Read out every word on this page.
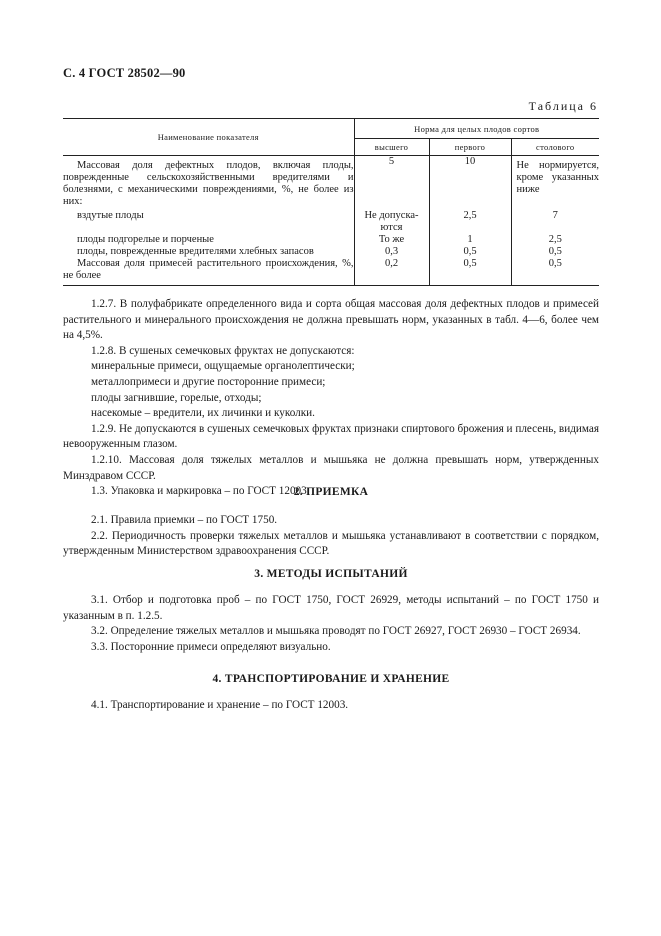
С. 4 ГОСТ 28502—90
Таблица 6
Наименование показателя	Норма для целых плодов сортов		
	высшего	первого	столового
Массовая доля дефектных плодов, включая плоды, поврежденные сельскохозяйственными вредителями и болезнями, с механическими повреждениями, %, не более из них:	5	10	Не нормируется, кроме указанных ниже
вздутые плоды	Не допуска-ются	2,5	7
плоды подгорелые и порченые	То же	1	2,5
плоды, поврежденные вредителями хлебных запасов	0,3	0,5	0,5
Массовая доля примесей растительного происхождения, %, не более	0,2	0,5	0,5

1.2.7. В полуфабрикате определенного вида и сорта общая массовая доля дефектных плодов и примесей растительного и минерального происхождения не должна превышать норм, указанных в табл. 4—6, более чем на 4,5%.

1.2.8. В сушеных семечковых фруктах не допускаются:

минеральные примеси, ощущаемые органолептически;

металлопримеси и другие посторонние примеси;

плоды загнившие, горелые, отходы;

насекомые – вредители, их личинки и куколки.

1.2.9. Не допускаются в сушеных семечковых фруктах признаки спиртового брожения и плесень, видимая невооруженным глазом.

1.2.10. Массовая доля тяжелых металлов и мышьяка не должна превышать норм, утвержденных Минздравом СССР.

1.3. Упаковка и маркировка – по ГОСТ 12003.

2. ПРИЕМКА

2.1. Правила приемки – по ГОСТ 1750.

2.2. Периодичность проверки тяжелых металлов и мышьяка устанавливают в соответствии с порядком, утвержденным Министерством здравоохранения СССР.

3. МЕТОДЫ ИСПЫТАНИЙ

3.1. Отбор и подготовка проб – по ГОСТ 1750, ГОСТ 26929, методы испытаний – по ГОСТ 1750 и указанным в п. 1.2.5.

3.2. Определение тяжелых металлов и мышьяка проводят по ГОСТ 26927, ГОСТ 26930 – ГОСТ 26934.

3.3. Посторонние примеси определяют визуально.

4. ТРАНСПОРТИРОВАНИЕ И ХРАНЕНИЕ

4.1. Транспортирование и хранение – по ГОСТ 12003.
